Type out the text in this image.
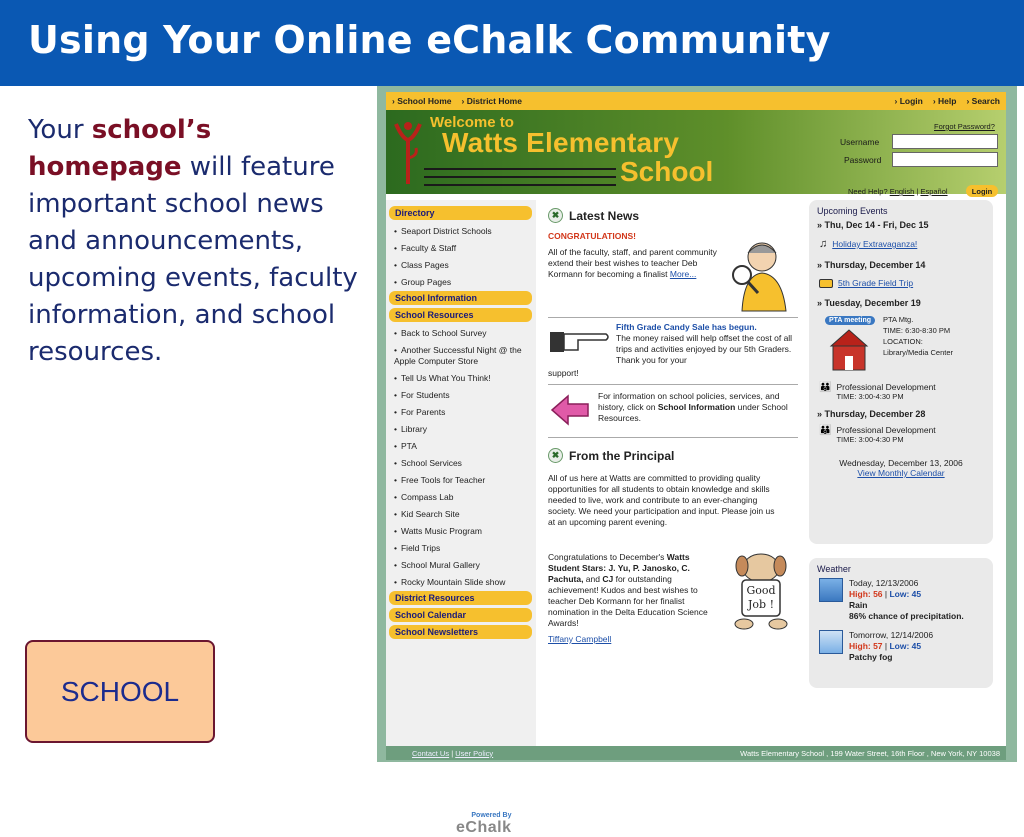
Using Your Online eChalk Community
Your school’s homepage will feature important school news and announcements, upcoming events, faculty information, and school resources.
SCHOOL
› School Home › District Home	› Login › Help › Search
Welcome to
Watts Elementary
School
Forgot Password?
Username
Password
Need Help? English | Español	Login
Directory
• Seaport District Schools
• Faculty & Staff
• Class Pages
• Group Pages
School Information
School Resources
• Back to School Survey
• Another Successful Night @ the Apple Computer Store
• Tell Us What You Think!
• For Students
• For Parents
• Library
• PTA
• School Services
• Free Tools for Teacher
• Compass Lab
• Kid Search Site
• Watts Music Program
• Field Trips
• School Mural Gallery
• Rocky Mountain Slide show
District Resources
School Calendar
School Newsletters
Powered By
eChalk
✖ Latest News
CONGRATULATIONS!
All of the faculty, staff, and parent community extend their best wishes to teacher Deb Kormann for becoming a finalist More...
Fifth Grade Candy Sale has begun.
The money raised will help offset the cost of all trips and activities enjoyed by our 5th Graders. Thank you for your
support!
For information on school policies, services, and history, click on School Information under School Resources.
✖ From the Principal
All of us here at Watts are committed to providing quality opportunities for all students to obtain knowledge and skills needed to live, work and contribute to an ever-changing society. We need your participation and input. Please join us at an upcoming parent evening.
Congratulations to December's Watts Student Stars: J. Yu, P. Janosko, C. Pachuta, and CJ for outstanding achievement! Kudos and best wishes to teacher Deb Kormann for her finalist nomination in the Delta Education Science Awards!
Tiffany Campbell
Good Job !
Upcoming Events
» Thu, Dec 14 - Fri, Dec 15
♫ Holiday Extravaganza!
» Thursday, December 14
5th Grade Field Trip
» Tuesday, December 19
PTA meeting	PTA Mtg.
TIME: 6:30-8:30 PM
LOCATION:
Library/Media Center
👪 Professional Development
TIME: 3:00-4:30 PM
» Thursday, December 28
👪 Professional Development
TIME: 3:00-4:30 PM
Wednesday, December 13, 2006
View Monthly Calendar
Weather
Today, 12/13/2006
High: 56 | Low: 45
Rain
86% chance of precipitation.
Tomorrow, 12/14/2006
High: 57 | Low: 45
Patchy fog
Contact Us | User Policy	Watts Elementary School , 199 Water Street, 16th Floor , New York, NY 10038
